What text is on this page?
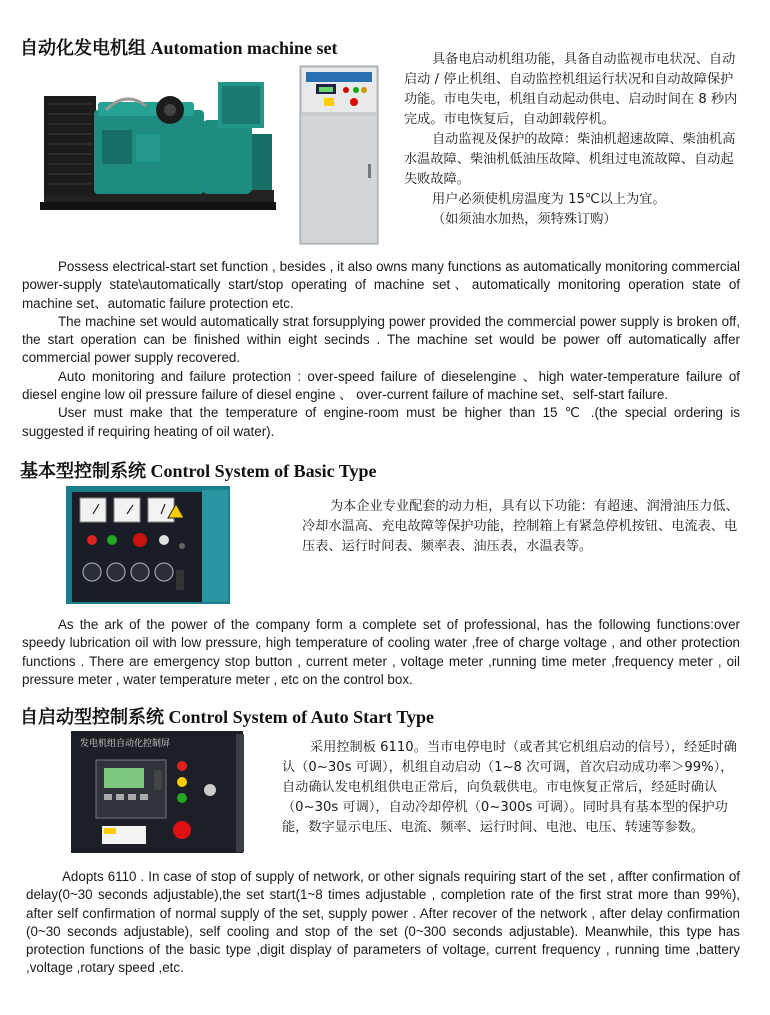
自动化发电机组 Automation machine set

具备电启动机组功能，具备自动监视市电状况、自动启动 / 停止机组、自动监控机组运行状况和自动故障保护功能。市电失电，机组自动起动供电、启动时间在 8 秒内完成。市电恢复后，自动卸载停机。

自动监视及保护的故障：柴油机超速故障、柴油机高水温故障、柴油机低油压故障、机组过电流故障、自动起失败故障。

用户必须使机房温度为 15℃以上为宜。

（如须油水加热，须特殊订购）

Possess electrical-start set function , besides , it also owns many functions as automatically monitoring commercial power-supply state\automatically start/stop operating of machine set、automatically monitoring operation state of machine set、automatic failure protection etc.

The machine set would automatically strat forsupplying power provided the commercial power supply is broken off, the start operation can be finished within eight secinds . The machine set would be power off automatically affer commercial power supply recovered.

Auto monitoring and failure protection : over-speed failure of dieselengine 、high water-temperature failure of diesel engine low oil pressure failure of diesel engine 、 over-current failure of machine set、self-start failure.

User must make that the temperature of engine-room must be higher than 15 ℃ .(the special ordering is suggested if requiring heating of oil water).

基本型控制系统 Control System of Basic Type

为本企业专业配套的动力柜，具有以下功能：有超速、润滑油压力低、冷却水温高、充电故障等保护功能，控制箱上有紧急停机按钮、电流表、电压表、运行时间表、频率表、油压表，水温表等。

As the ark of the power of the company form a complete set of professional, has the following functions:over speedy lubrication oil with low pressure, high temperature of cooling water ,free of charge voltage , and other protection functions . There are emergency stop button , current meter , voltage meter ,running time meter ,frequency meter , oil pressure meter , water temperature meter , etc on the control box.

自启动型控制系统 Control System of Auto Start Type
发电机组自动化控制屏	采用控制板 6110。当市电停电时（或者其它机组启动的信号），经延时确认（0~30s 可调），机组自动启动（1~8 次可调，首次启动成功率＞99%），自动确认发电机组供电正常后，向负载供电。市电恢复正常后，经延时确认（0~30s 可调），自动冷却停机（0~300s 可调）。同时具有基本型的保护功能，数字显示电压、电流、频率、运行时间、电池、电压、转速等参数。

Adopts 6110 . In case of stop of supply of network, or other signals requiring start of the set , affter confirmation of delay(0~30 seconds adjustable),the set start(1~8 times adjustable , completion rate of the first strat more than 99%), after self confirmation of normal supply of the set, supply power . After recover of the network , after delay confirmation (0~30 seconds adjustable), self cooling and stop of the set (0~300 seconds adjustable). Meanwhile, this type has protection functions of the basic type ,digit display of parameters of voltage, current frequency , running time ,battery ,voltage ,rotary speed ,etc.
